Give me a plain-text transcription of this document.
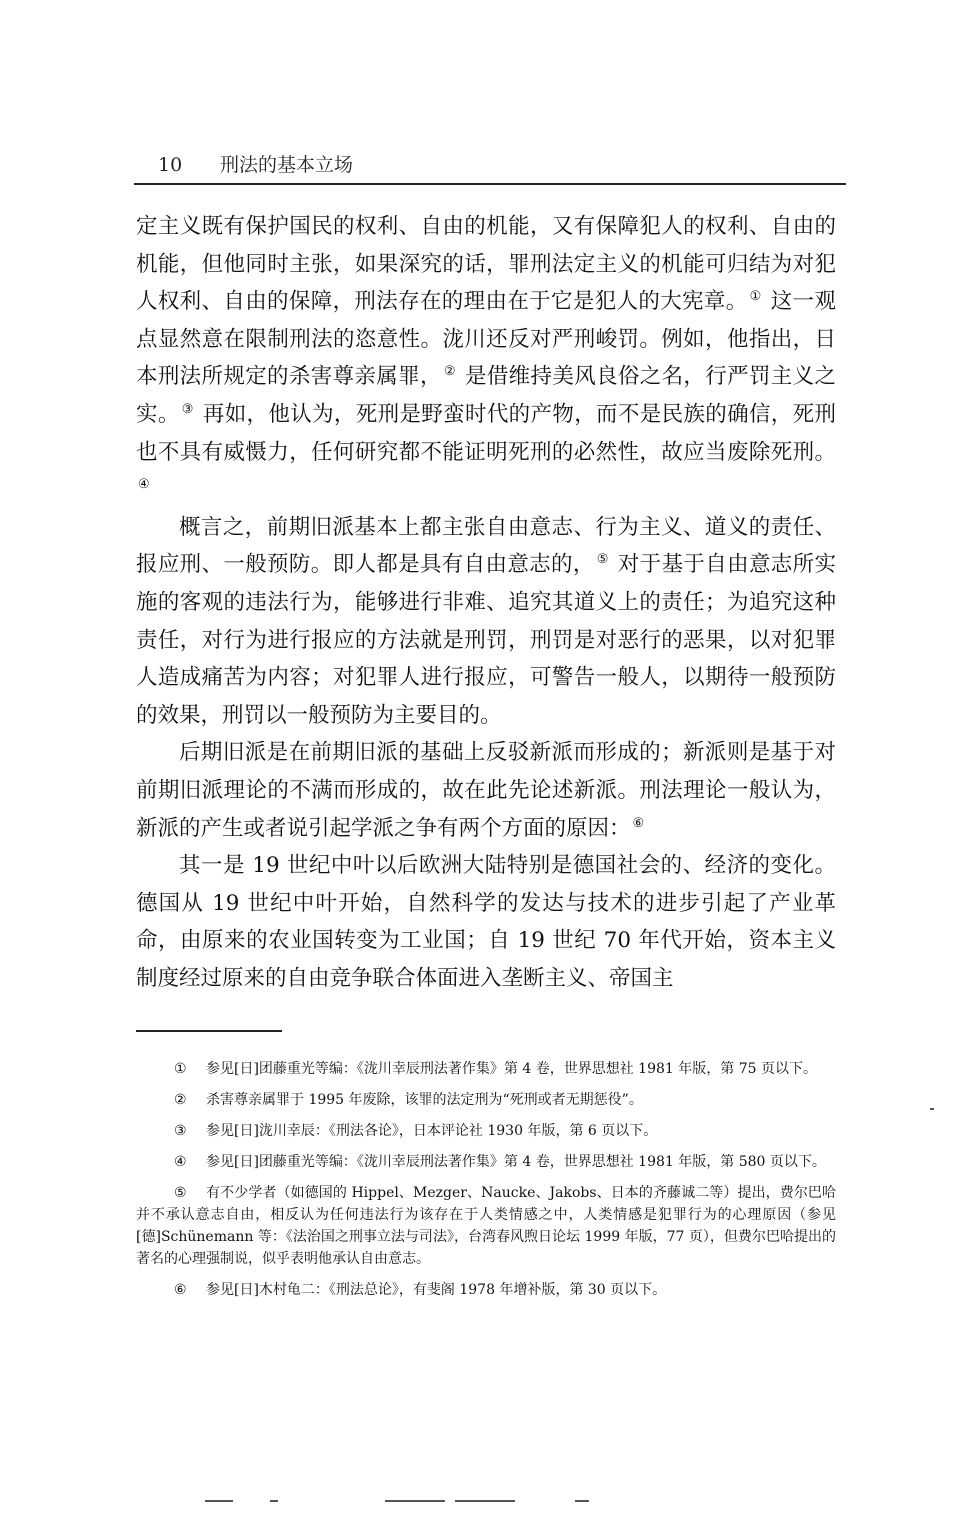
10 刑法的基本立场

定主义既有保护国民的权利、自由的机能，又有保障犯人的权利、自由的机能，但他同时主张，如果深究的话，罪刑法定主义的机能可归结为对犯人权利、自由的保障，刑法存在的理由在于它是犯人的大宪章。 ① 这一观点显然意在限制刑法的恣意性。泷川还反对严刑峻罚。例如，他指出，日本刑法所规定的杀害尊亲属罪， ② 是借维持美风良俗之名，行严罚主义之实。 ③ 再如，他认为，死刑是野蛮时代的产物，而不是民族的确信，死刑也不具有威慑力，任何研究都不能证明死刑的必然性，故应当废除死刑。④

概言之，前期旧派基本上都主张自由意志、行为主义、道义的责任、报应刑、一般预防。即人都是具有自由意志的， ⑤ 对于基于自由意志所实施的客观的违法行为，能够进行非难、追究其道义上的责任；为追究这种责任，对行为进行报应的方法就是刑罚，刑罚是对恶行的恶果，以对犯罪人造成痛苦为内容；对犯罪人进行报应，可警告一般人，以期待一般预防的效果，刑罚以一般预防为主要目的。

后期旧派是在前期旧派的基础上反驳新派而形成的；新派则是基于对前期旧派理论的不满而形成的，故在此先论述新派。刑法理论一般认为，新派的产生或者说引起学派之争有两个方面的原因： ⑥

其一是 19 世纪中叶以后欧洲大陆特别是德国社会的、经济的变化。德国从 19 世纪中叶开始，自然科学的发达与技术的进步引起了产业革命，由原来的农业国转变为工业国；自 19 世纪 70 年代开始，资本主义制度经过原来的自由竞争联合体面进入垄断主义、帝国主

① 参见[日]团藤重光等编：《泷川幸辰刑法著作集》第 4 卷，世界思想社 1981 年版，第 75 页以下。
② 杀害尊亲属罪于 1995 年废除，该罪的法定刑为“死刑或者无期惩役”。
③ 参见[日]泷川幸辰：《刑法各论》，日本评论社 1930 年版，第 6 页以下。
④ 参见[日]团藤重光等编：《泷川幸辰刑法著作集》第 4 卷，世界思想社 1981 年版，第 580 页以下。
⑤ 有不少学者（如德国的 Hippel、Mezger、Naucke、Jakobs、日本的齐藤诚二等）提出，费尔巴哈并不承认意志自由，相反认为任何违法行为该存在于人类情感之中，人类情感是犯罪行为的心理原因（参见[德]Schünemann 等：《法治国之刑事立法与司法》，台湾春风煦日论坛 1999 年版，77 页），但费尔巴哈提出的著名的心理强制说，似乎表明他承认自由意志。
⑥ 参见[日]木村龟二：《刑法总论》，有斐阁 1978 年增补版，第 30 页以下。
